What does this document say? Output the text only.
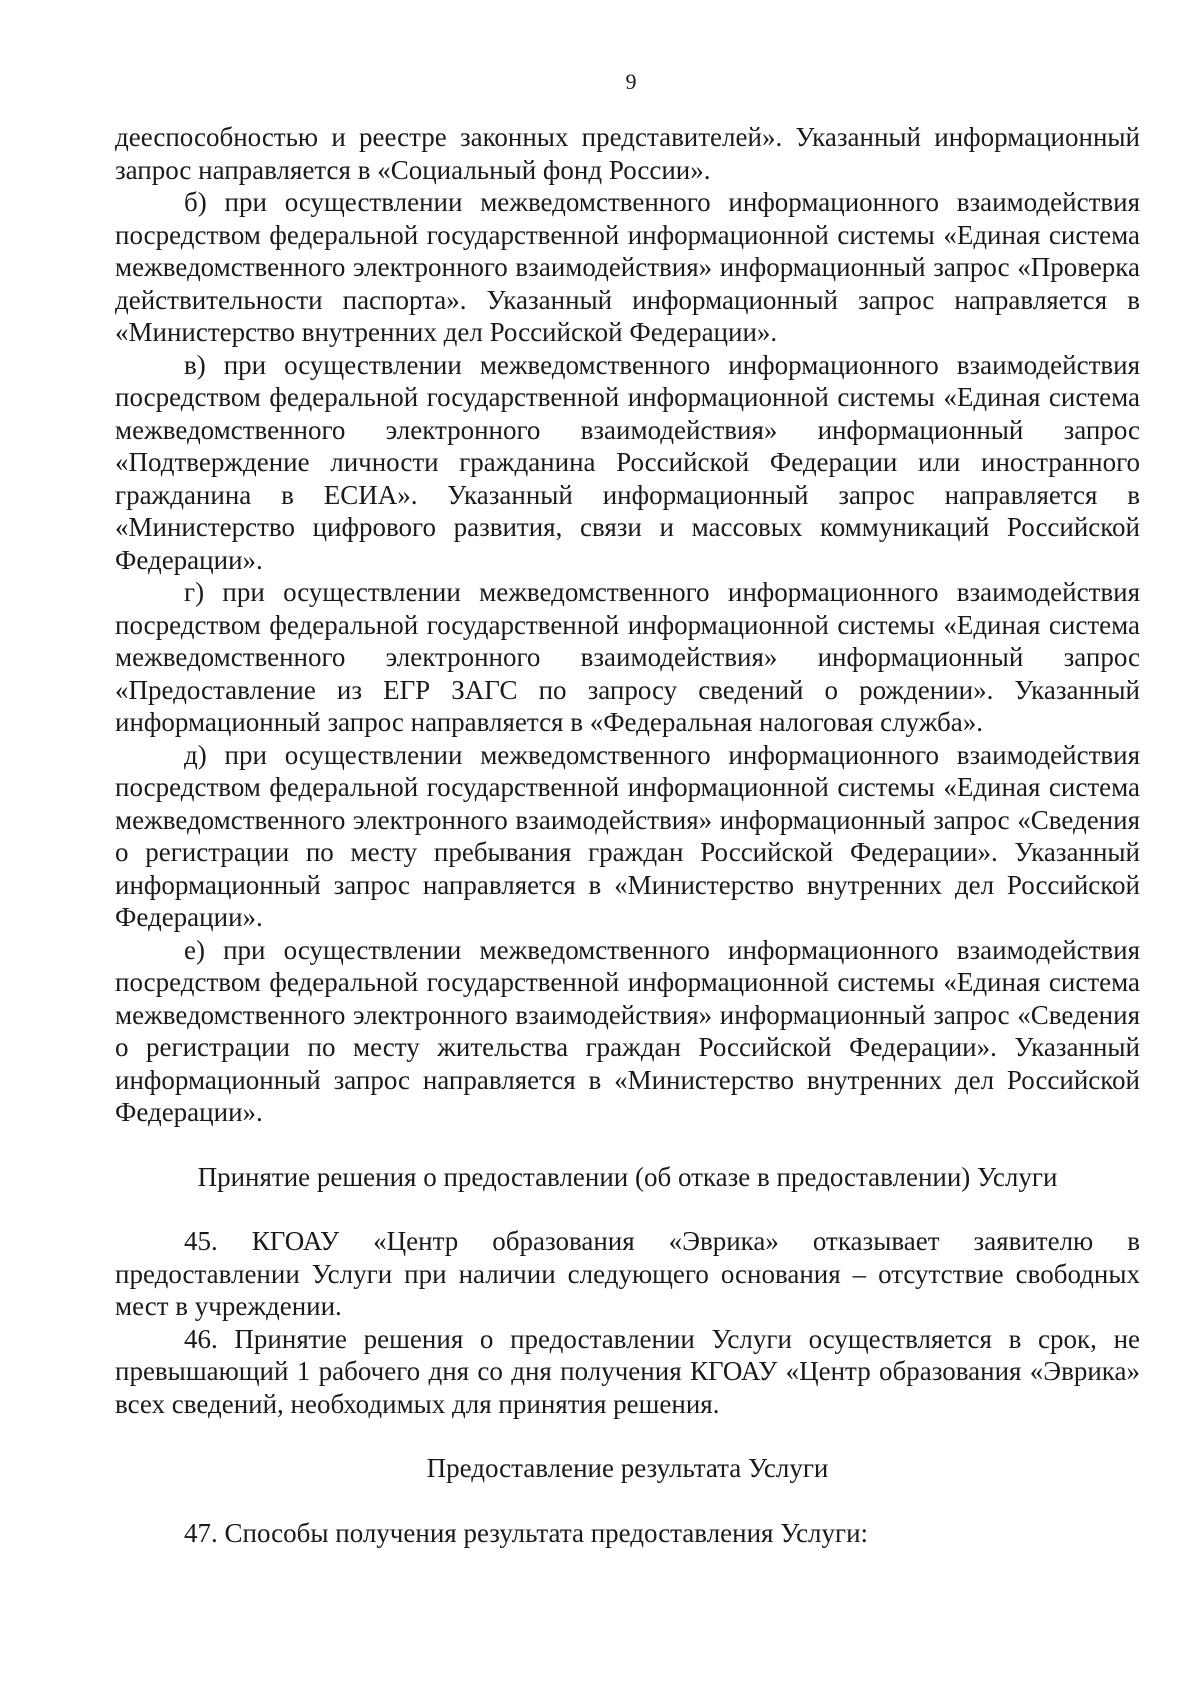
9

дееспособностью и реестре законных представителей». Указанный информационный запрос направляется в «Социальный фонд России».

б) при осуществлении межведомственного информационного взаимодействия посредством федеральной государственной информационной системы «Единая система межведомственного электронного взаимодействия» информационный запрос «Проверка действительности паспорта». Указанный информационный запрос направляется в «Министерство внутренних дел Российской Федерации».

в) при осуществлении межведомственного информационного взаимодействия посредством федеральной государственной информационной системы «Единая система межведомственного электронного взаимодействия» информационный запрос «Подтверждение личности гражданина Российской Федерации или иностранного гражданина в ЕСИА». Указанный информационный запрос направляется в «Министерство цифрового развития, связи и массовых коммуникаций Российской Федерации».

г) при осуществлении межведомственного информационного взаимодействия посредством федеральной государственной информационной системы «Единая система межведомственного электронного взаимодействия» информационный запрос «Предоставление из ЕГР ЗАГС по запросу сведений о рождении». Указанный информационный запрос направляется в «Федеральная налоговая служба».

д) при осуществлении межведомственного информационного взаимодействия посредством федеральной государственной информационной системы «Единая система межведомственного электронного взаимодействия» информационный запрос «Сведения о регистрации по месту пребывания граждан Российской Федерации». Указанный информационный запрос направляется в «Министерство внутренних дел Российской Федерации».

е) при осуществлении межведомственного информационного взаимодействия посредством федеральной государственной информационной системы «Единая система межведомственного электронного взаимодействия» информационный запрос «Сведения о регистрации по месту жительства граждан Российской Федерации». Указанный информационный запрос направляется в «Министерство внутренних дел Российской Федерации».

Принятие решения о предоставлении (об отказе в предоставлении) Услуги

45. КГОАУ «Центр образования «Эврика» отказывает заявителю в предоставлении Услуги при наличии следующего основания – отсутствие свободных мест в учреждении.

46. Принятие решения о предоставлении Услуги осуществляется в срок, не превышающий 1 рабочего дня со дня получения КГОАУ «Центр образования «Эврика» всех сведений, необходимых для принятия решения.

Предоставление результата Услуги

47. Способы получения результата предоставления Услуги:
